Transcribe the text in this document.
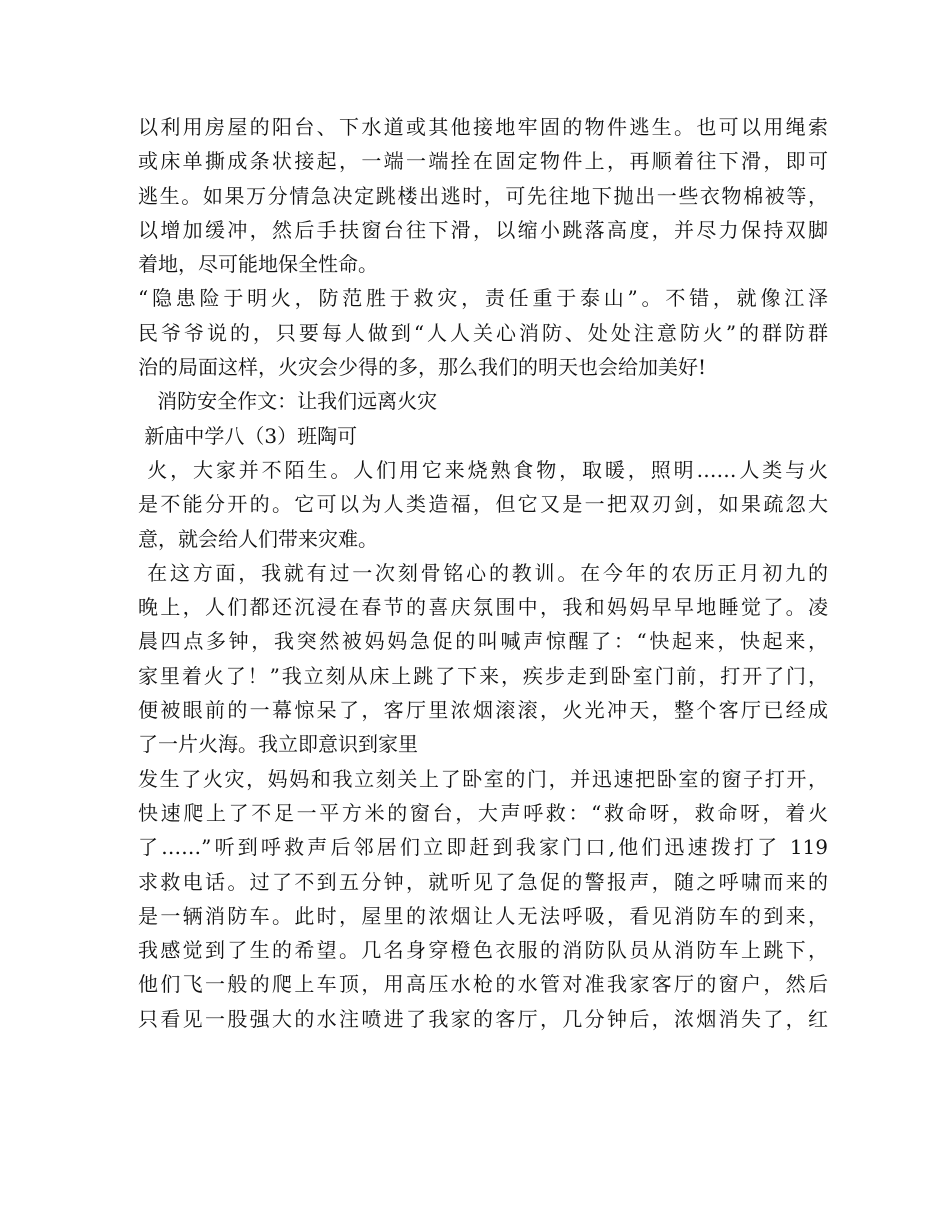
以利用房屋的阳台、下水道或其他接地牢固的物件逃生。也可以用绳索
或床单撕成条状接起，一端一端拴在固定物件上，再顺着往下滑，即可
逃生。如果万分情急决定跳楼出逃时，可先往地下抛出一些衣物棉被等，
以增加缓冲，然后手扶窗台往下滑，以缩小跳落高度，并尽力保持双脚
着地，尽可能地保全性命。
“隐患险于明火，防范胜于救灾，责任重于泰山”。不错，就像江泽
民爷爷说的，只要每人做到“人人关心消防、处处注意防火”的群防群
治的局面这样，火灾会少得的多，那么我们的明天也会给加美好!
消防安全作文：让我们远离火灾
新庙中学八（3）班陶可
火，大家并不陌生。人们用它来烧熟食物，取暖，照明……人类与火
是不能分开的。它可以为人类造福，但它又是一把双刃剑，如果疏忽大
意，就会给人们带来灾难。
在这方面，我就有过一次刻骨铭心的教训。在今年的农历正月初九的
晚上，人们都还沉浸在春节的喜庆氛围中，我和妈妈早早地睡觉了。凌
晨四点多钟，我突然被妈妈急促的叫喊声惊醒了：“快起来，快起来，
家里着火了！”我立刻从床上跳了下来，疾步走到卧室门前，打开了门，
便被眼前的一幕惊呆了，客厅里浓烟滚滚，火光冲天，整个客厅已经成
了一片火海。我立即意识到家里
发生了火灾，妈妈和我立刻关上了卧室的门，并迅速把卧室的窗子打开，
快速爬上了不足一平方米的窗台，大声呼救：“救命呀，救命呀，着火
了……”听到呼救声后邻居们立即赶到我家门口,他们迅速拨打了 119
求救电话。过了不到五分钟，就听见了急促的警报声，随之呼啸而来的
是一辆消防车。此时，屋里的浓烟让人无法呼吸，看见消防车的到来，
我感觉到了生的希望。几名身穿橙色衣服的消防队员从消防车上跳下，
他们飞一般的爬上车顶，用高压水枪的水管对准我家客厅的窗户，然后
只看见一股强大的水注喷进了我家的客厅，几分钟后，浓烟消失了，红
